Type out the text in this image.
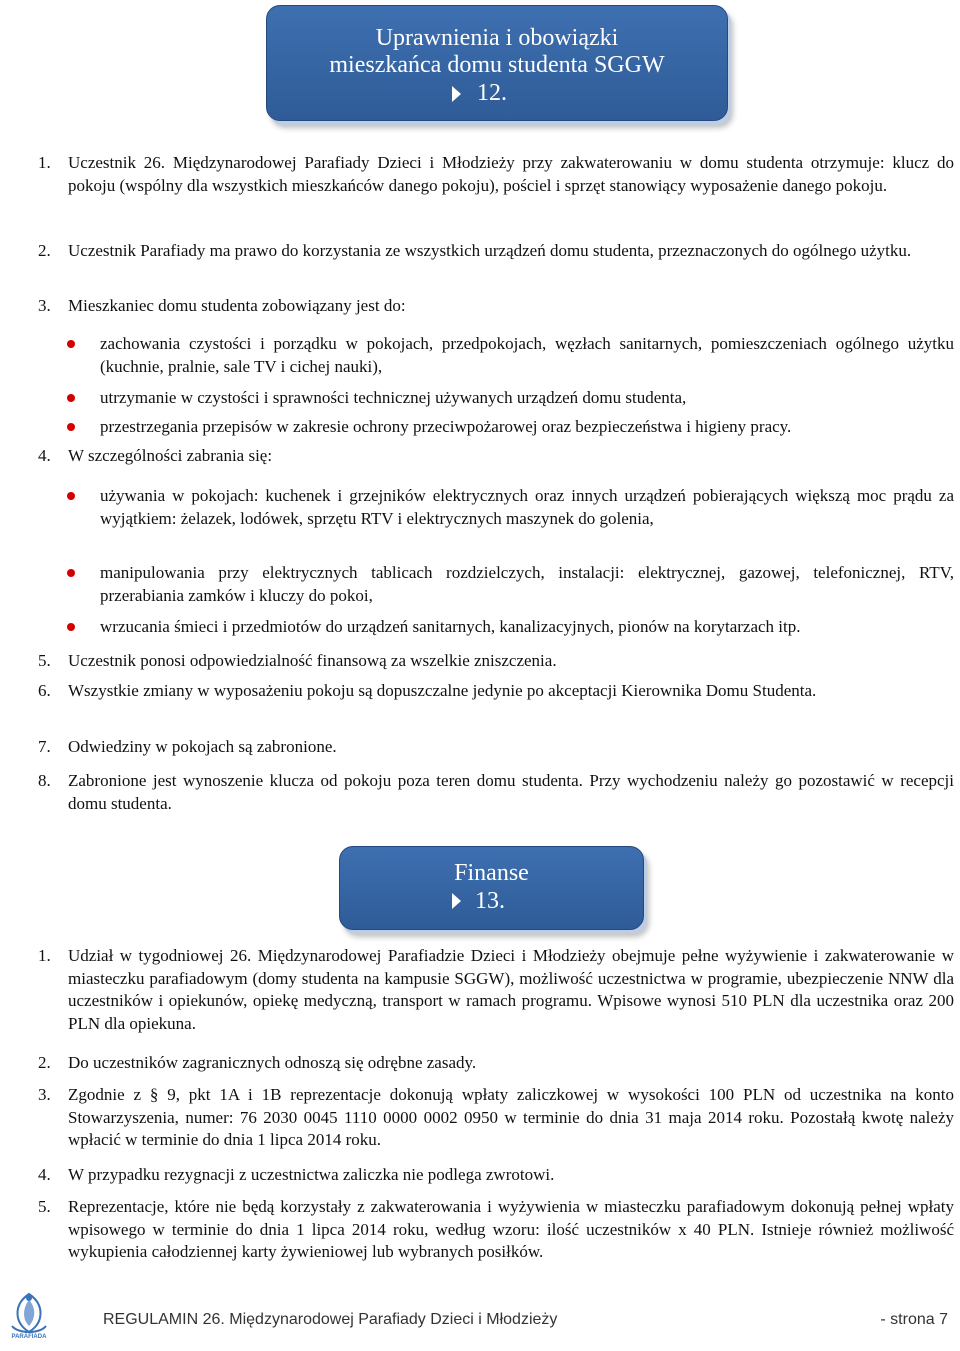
Uprawnienia i obowiązki
mieszkańca domu studenta SGGW
12.
1. Uczestnik 26. Międzynarodowej Parafiady Dzieci i Młodzieży przy zakwaterowaniu w domu studenta otrzymuje: klucz do pokoju (wspólny dla wszystkich mieszkańców danego pokoju), pościel i sprzęt stanowiący wyposażenie danego pokoju.
2. Uczestnik Parafiady ma prawo do korzystania ze wszystkich urządzeń domu studenta, przeznaczonych do ogólnego użytku.
3. Mieszkaniec domu studenta zobowiązany jest do:
zachowania czystości i porządku w pokojach, przedpokojach, węzłach sanitarnych, pomieszczeniach ogólnego użytku (kuchnie, pralnie, sale TV i cichej nauki),
utrzymanie w czystości i sprawności technicznej używanych urządzeń domu studenta,
przestrzegania przepisów w zakresie ochrony przeciwpożarowej oraz bezpieczeństwa i higieny pracy.
4. W szczególności zabrania się:
używania w pokojach: kuchenek i grzejników elektrycznych oraz innych urządzeń pobierających większą moc prądu za wyjątkiem: żelazek, lodówek, sprzętu RTV i elektrycznych maszynek do golenia,
manipulowania przy elektrycznych tablicach rozdzielczych, instalacji: elektrycznej, gazowej, telefonicznej, RTV, przerabiania zamków i kluczy do pokoi,
wrzucania śmieci i przedmiotów do urządzeń sanitarnych, kanalizacyjnych, pionów na korytarzach itp.
5. Uczestnik ponosi odpowiedzialność finansową za wszelkie zniszczenia.
6. Wszystkie zmiany w wyposażeniu pokoju są dopuszczalne jedynie po akceptacji Kierownika Domu Studenta.
7. Odwiedziny w pokojach są zabronione.
8. Zabronione jest wynoszenie klucza od pokoju poza teren domu studenta. Przy wychodzeniu należy go pozostawić w recepcji domu studenta.
Finanse
13.
1. Udział w tygodniowej 26. Międzynarodowej Parafiadzie Dzieci i Młodzieży obejmuje pełne wyżywienie i zakwaterowanie w miasteczku parafiadowym (domy studenta na kampusie SGGW), możliwość uczestnictwa w programie, ubezpieczenie NNW dla uczestników i opiekunów, opiekę medyczną, transport w ramach programu. Wpisowe wynosi 510 PLN dla uczestnika oraz 200 PLN dla opiekuna.
2. Do uczestników zagranicznych odnoszą się odrębne zasady.
3. Zgodnie z § 9, pkt 1A i 1B reprezentacje dokonują wpłaty zaliczkowej w wysokości 100 PLN od uczestnika na konto Stowarzyszenia, numer: 76 2030 0045 1110 0000 0002 0950 w terminie do dnia 31 maja 2014 roku. Pozostałą kwotę należy wpłacić w terminie do dnia 1 lipca 2014 roku.
4. W przypadku rezygnacji z uczestnictwa zaliczka nie podlega zwrotowi.
5. Reprezentacje, które nie będą korzystały z zakwaterowania i wyżywienia w miasteczku parafiadowym dokonują pełnej wpłaty wpisowego w terminie do dnia 1 lipca 2014 roku, według wzoru: ilość uczestników x 40 PLN. Istnieje również możliwość wykupienia całodziennej karty żywieniowej lub wybranych posiłków.
PARAFIADA
REGULAMIN 26. Międzynarodowej Parafiady Dzieci i Młodzieży	- strona 7
